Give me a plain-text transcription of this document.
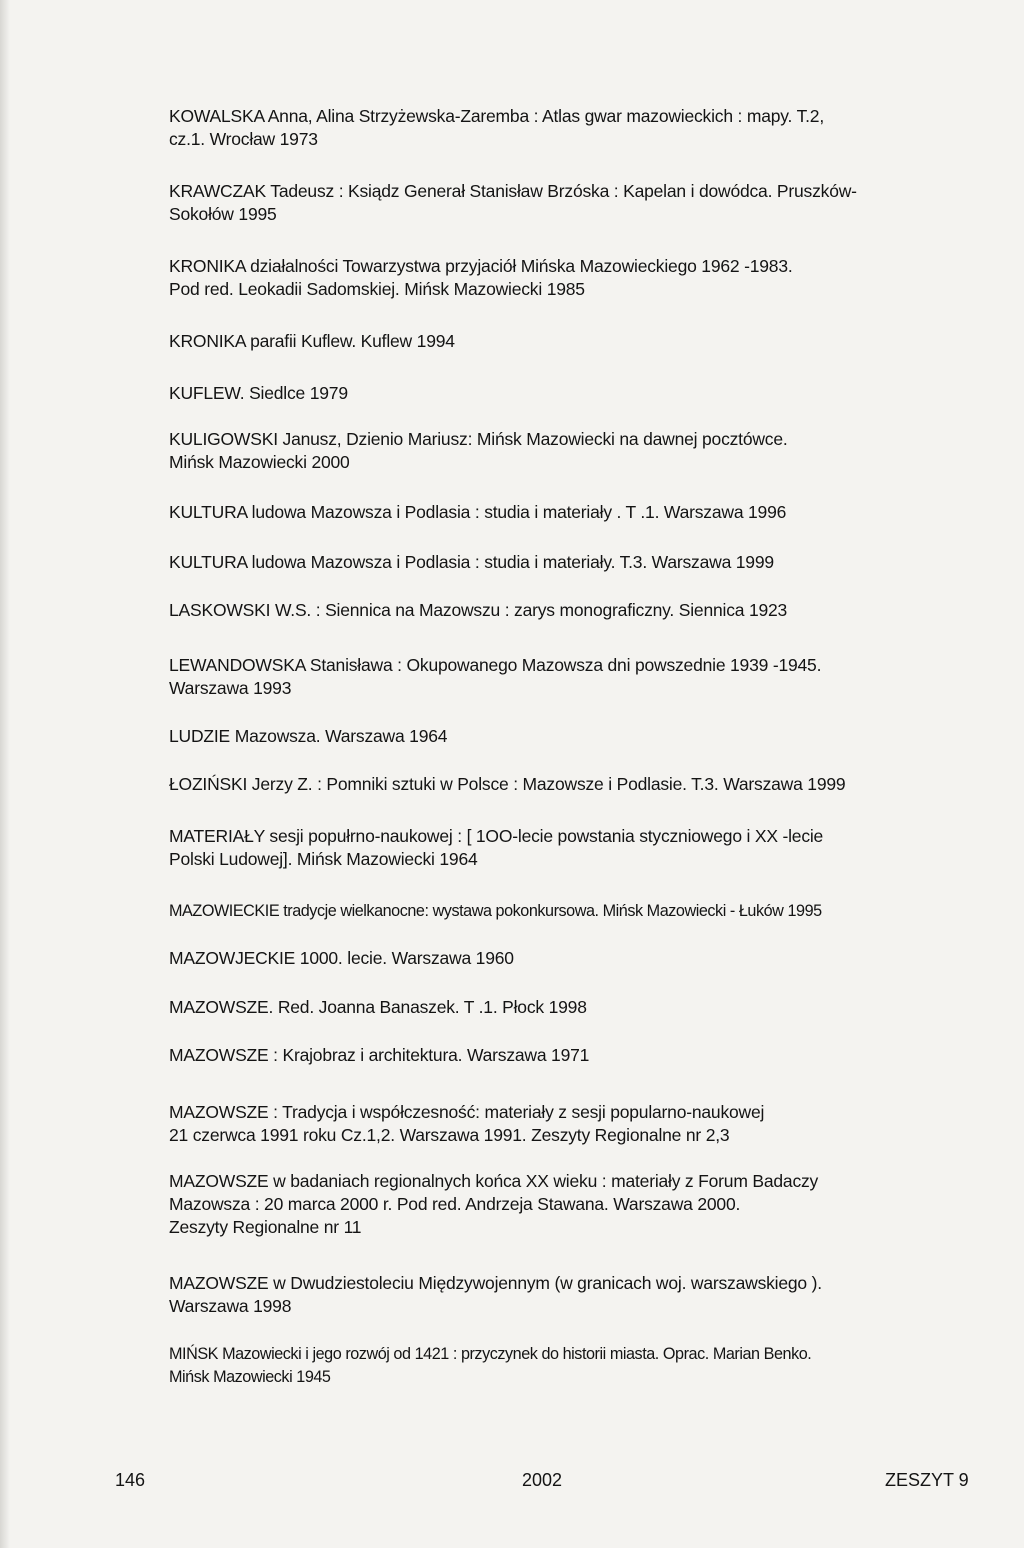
KOWALSKA Anna, Alina Strzyżewska-Zaremba : Atlas gwar mazowieckich : mapy. T.2,
cz.1. Wrocław 1973
KRAWCZAK Tadeusz : Ksiądz Generał Stanisław Brzóska : Kapelan i dowódca. Pruszków-
Sokołów 1995
KRONIKA działalności Towarzystwa przyjaciół Mińska Mazowieckiego 1962 -1983.
Pod red. Leokadii Sadomskiej. Mińsk Mazowiecki 1985
KRONIKA parafii Kuflew. Kuflew 1994
KUFLEW. Siedlce 1979
KULIGOWSKI Janusz, Dzienio Mariusz: Mińsk Mazowiecki na dawnej pocztówce.
Mińsk Mazowiecki 2000
KULTURA ludowa Mazowsza i Podlasia : studia i materiały . T .1. Warszawa 1996
KULTURA ludowa Mazowsza i Podlasia : studia i materiały. T.3. Warszawa 1999
LASKOWSKI W.S. : Siennica na Mazowszu : zarys monograficzny. Siennica 1923
LEWANDOWSKA Stanisława : Okupowanego Mazowsza dni powszednie 1939 -1945.
Warszawa 1993
LUDZIE Mazowsza. Warszawa 1964
ŁOZIŃSKI Jerzy Z. : Pomniki sztuki w Polsce : Mazowsze i Podlasie. T.3. Warszawa 1999
MATERIAŁY sesji popułrno-naukowej : [ 1OO-lecie powstania styczniowego i XX -lecie
Polski Ludowej]. Mińsk Mazowiecki 1964
MAZOWIECKIE tradycje wielkanocne: wystawa pokonkursowa. Mińsk Mazowiecki - Łuków 1995
MAZOWJECKIE 1000. lecie. Warszawa 1960
MAZOWSZE. Red. Joanna Banaszek. T .1. Płock 1998
MAZOWSZE : Krajobraz i architektura. Warszawa 1971
MAZOWSZE : Tradycja i współczesność: materiały z sesji popularno-naukowej
21 czerwca 1991 roku Cz.1,2. Warszawa 1991. Zeszyty Regionalne nr 2,3
MAZOWSZE w badaniach regionalnych końca XX wieku : materiały z Forum Badaczy
Mazowsza : 20 marca 2000 r. Pod red. Andrzeja Stawana. Warszawa 2000.
Zeszyty Regionalne nr 11
MAZOWSZE w Dwudziestoleciu Międzywojennym (w granicach woj. warszawskiego ).
Warszawa 1998
MIŃSK Mazowiecki i jego rozwój od 1421 : przyczynek do historii miasta. Oprac. Marian Benko.
Mińsk Mazowiecki 1945
146	2002	ZESZYT 9
